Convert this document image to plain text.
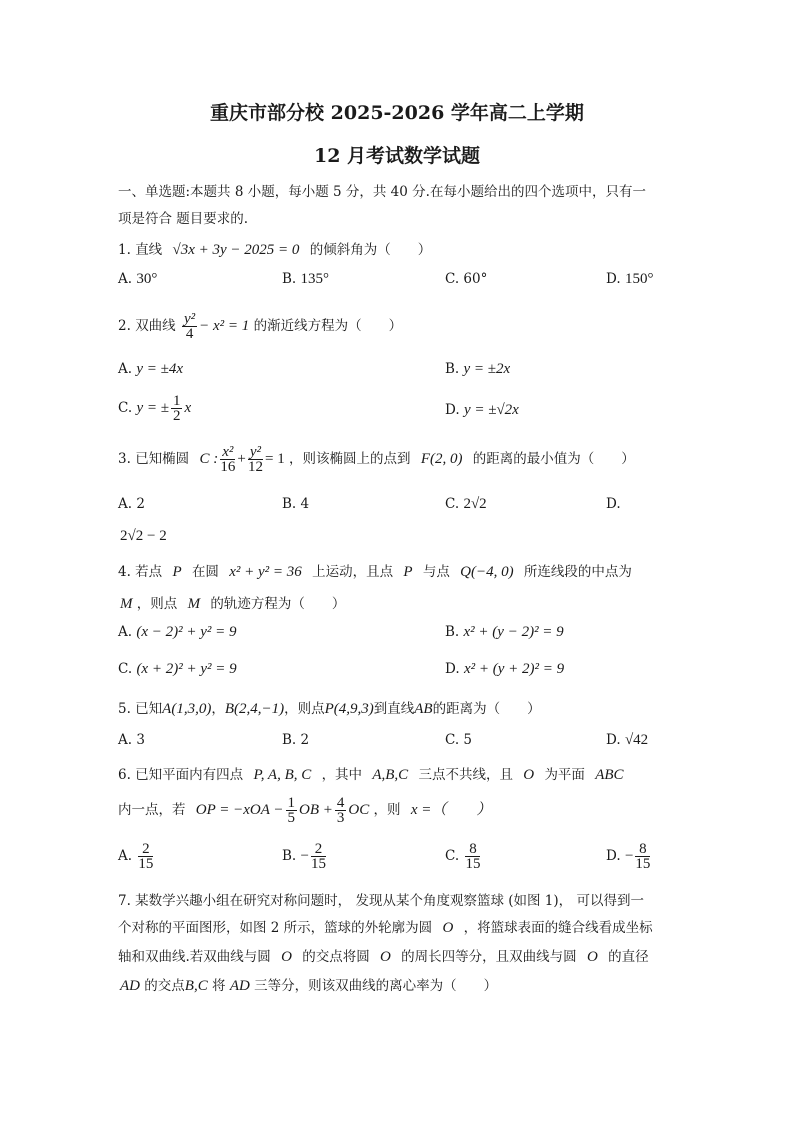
重庆市部分校 2025-2026 学年高二上学期
12 月考试数学试题
一、单选题:本题共 8 小题，每小题 5 分，共 40 分.在每小题给出的四个选项中，只有一
项是符合 题目要求的.
1. 直线 √3x + 3y − 2025 = 0 的倾斜角为（　　）
A. 30°	B. 135°	C. 60°	D. 150°
2. 双曲线 $\frac{\text{y²}}{4} - x^2 = 1$ 的渐近线方程为（　　）
A. y = ±4x	B. y = ±2x
C. y = ± $\frac{1}{2}$ x	D. y = ±√2x
3. 已知椭圆 C : $\frac{\text{x²}}{16} + \frac{\text{y²}}{12} = 1$ ，则该椭圆上的点到 F(2, 0) 的距离的最小值为（　　）
A. 2	B. 4	C. 2√2	D.
2√2 − 2
4. 若点 P 在圆 x² + y² = 36 上运动，且点 P 与点 Q(−4, 0) 所连线段的中点为
M ，则点 M 的轨迹方程为（　　）
A. (x − 2)² + y² = 9	B. x² + (y − 2)² = 9
C. (x + 2)² + y² = 9	D. x² + (y + 2)² = 9
5. 已知A(1,3,0)，B(2,4,−1)，则点P(4,9,3)到直线AB的距离为（　　）
A. 3	B. 2	C. 5	D. √42
6. 已知平面内有四点 P, A, B, C ，其中 A,B,C 三点不共线，且 O 为平面 ABC
内一点，若 OP = $-xOA - \frac{1}{5}$ OB + $\frac{4}{3}$ OC ，则 x =（　　）
A. $\frac{2}{15}$	B. − $\frac{2}{15}$	C. $\frac{8}{15}$	D. − $\frac{8}{15}$
7. 某数学兴趣小组在研究对称问题时， 发现从某个角度观察篮球 (如图 1)， 可以得到一
个对称的平面图形，如图 2 所示，篮球的外轮廓为圆 O ，将篮球表面的缝合线看成坐标
轴和双曲线.若双曲线与圆 O 的交点将圆 O 的周长四等分，且双曲线与圆 O 的直径
AD 的交点B,C 将 AD 三等分，则该双曲线的离心率为（　　）
